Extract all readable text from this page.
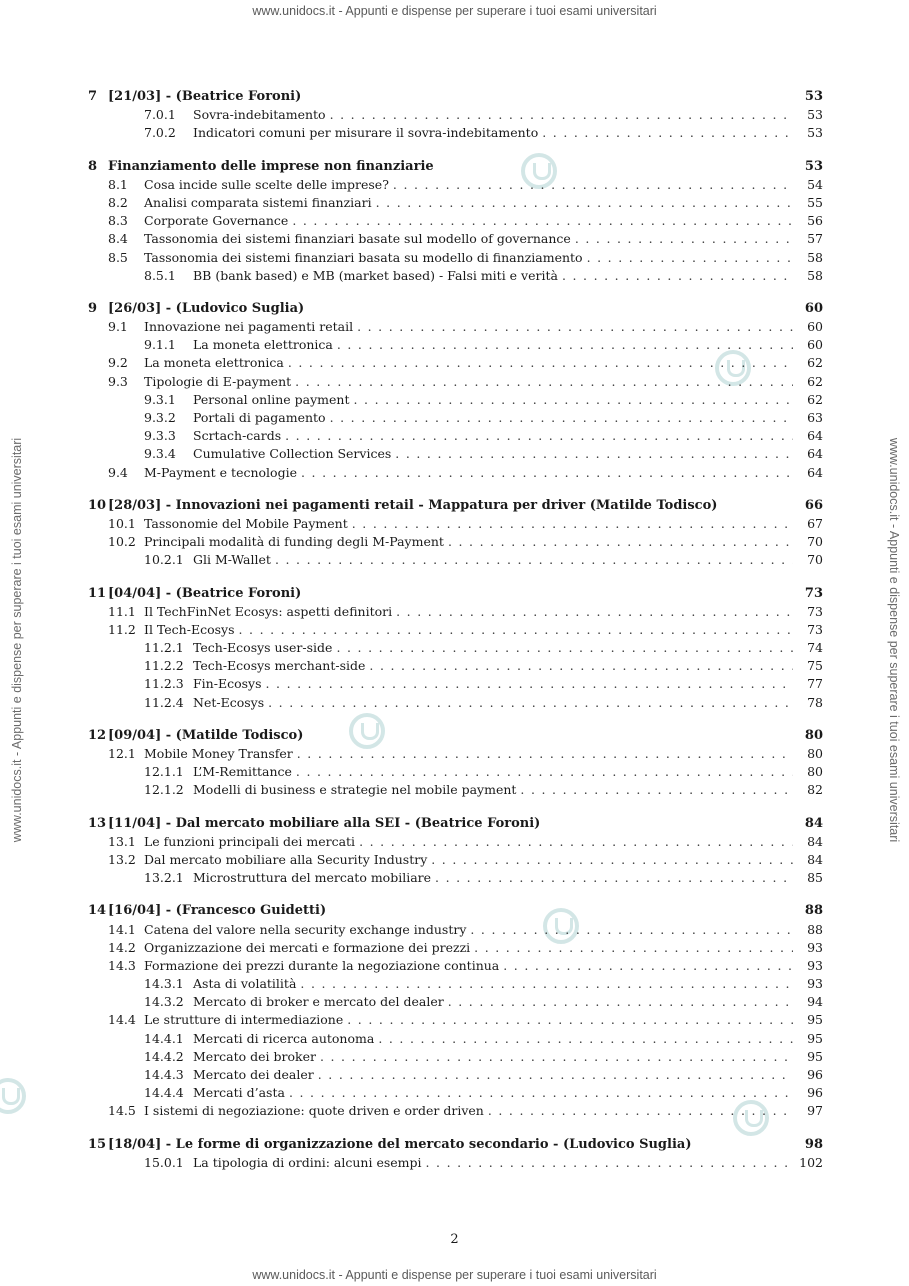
www.unidocs.it - Appunti e dispense per superare i tuoi esami universitari
www.unidocs.it - Appunti e dispense per superare i tuoi esami universitari	www.unidocs.it - Appunti e dispense per superare i tuoi esami universitari
7 [21/03] - (Beatrice Foroni)	53
7.0.1	Sovra-indebitamento . . .	53
7.0.2	Indicatori comuni per misurare il sovra-indebitamento . . .	53
8 Finanziamento delle imprese non finanziarie	53
8.1	Cosa incide sulle scelte delle imprese? . . .	54
8.2	Analisi comparata sistemi finanziari . . .	55
8.3	Corporate Governance . . .	56
8.4	Tassonomia dei sistemi finanziari basate sul modello of governance . . .	57
8.5	Tassonomia dei sistemi finanziari basata su modello di finanziamento . . .	58
8.5.1	BB (bank based) e MB (market based) - Falsi miti e verità . . .	58
9 [26/03] - (Ludovico Suglia)	60
9.1	Innovazione nei pagamenti retail . . .	60
9.1.1	La moneta elettronica . . .	60
9.2	La moneta elettronica . . .	62
9.3	Tipologie di E-payment . . .	62
9.3.1	Personal online payment . . .	62
9.3.2	Portali di pagamento . . .	63
9.3.3	Scrtach-cards . . .	64
9.3.4	Cumulative Collection Services . . .	64
9.4	M-Payment e tecnologie . . .	64
10 [28/03] - Innovazioni nei pagamenti retail - Mappatura per driver (Matilde Todisco)	66
10.1 Tassonomie del Mobile Payment . . .	67
10.2 Principali modalità di funding degli M-Payment . . .	70
10.2.1 Gli M-Wallet . . .	70
11 [04/04] - (Beatrice Foroni)	73
11.1 Il TechFinNet Ecosys: aspetti definitori . . .	73
11.2 Il Tech-Ecosys . . .	73
11.2.1 Tech-Ecosys user-side . . .	74
11.2.2 Tech-Ecosys merchant-side . . .	75
11.2.3 Fin-Ecosys . . .	77
11.2.4 Net-Ecosys . . .	78
12 [09/04] - (Matilde Todisco)	80
12.1 Mobile Money Transfer . . .	80
12.1.1 L’M-Remittance . . .	80
12.1.2 Modelli di business e strategie nel mobile payment . . .	82
13 [11/04] - Dal mercato mobiliare alla SEI - (Beatrice Foroni)	84
13.1 Le funzioni principali dei mercati . . .	84
13.2 Dal mercato mobiliare alla Security Industry . . .	84
13.2.1 Microstruttura del mercato mobiliare . . .	85
14 [16/04] - (Francesco Guidetti)	88
14.1 Catena del valore nella security exchange industry . . .	88
14.2 Organizzazione dei mercati e formazione dei prezzi . . .	93
14.3 Formazione dei prezzi durante la negoziazione continua . . .	93
14.3.1 Asta di volatilità . . .	93
14.3.2 Mercato di broker e mercato del dealer . . .	94
14.4 Le strutture di intermediazione . . .	95
14.4.1 Mercati di ricerca autonoma . . .	95
14.4.2 Mercato dei broker . . .	95
14.4.3 Mercato dei dealer . . .	96
14.4.4 Mercati d’asta . . .	96
14.5 I sistemi di negoziazione: quote driven e order driven . . .	97
15 [18/04] - Le forme di organizzazione del mercato secondario - (Ludovico Suglia)	98
15.0.1 La tipologia di ordini: alcuni esempi . . .	102
2
www.unidocs.it - Appunti e dispense per superare i tuoi esami universitari
